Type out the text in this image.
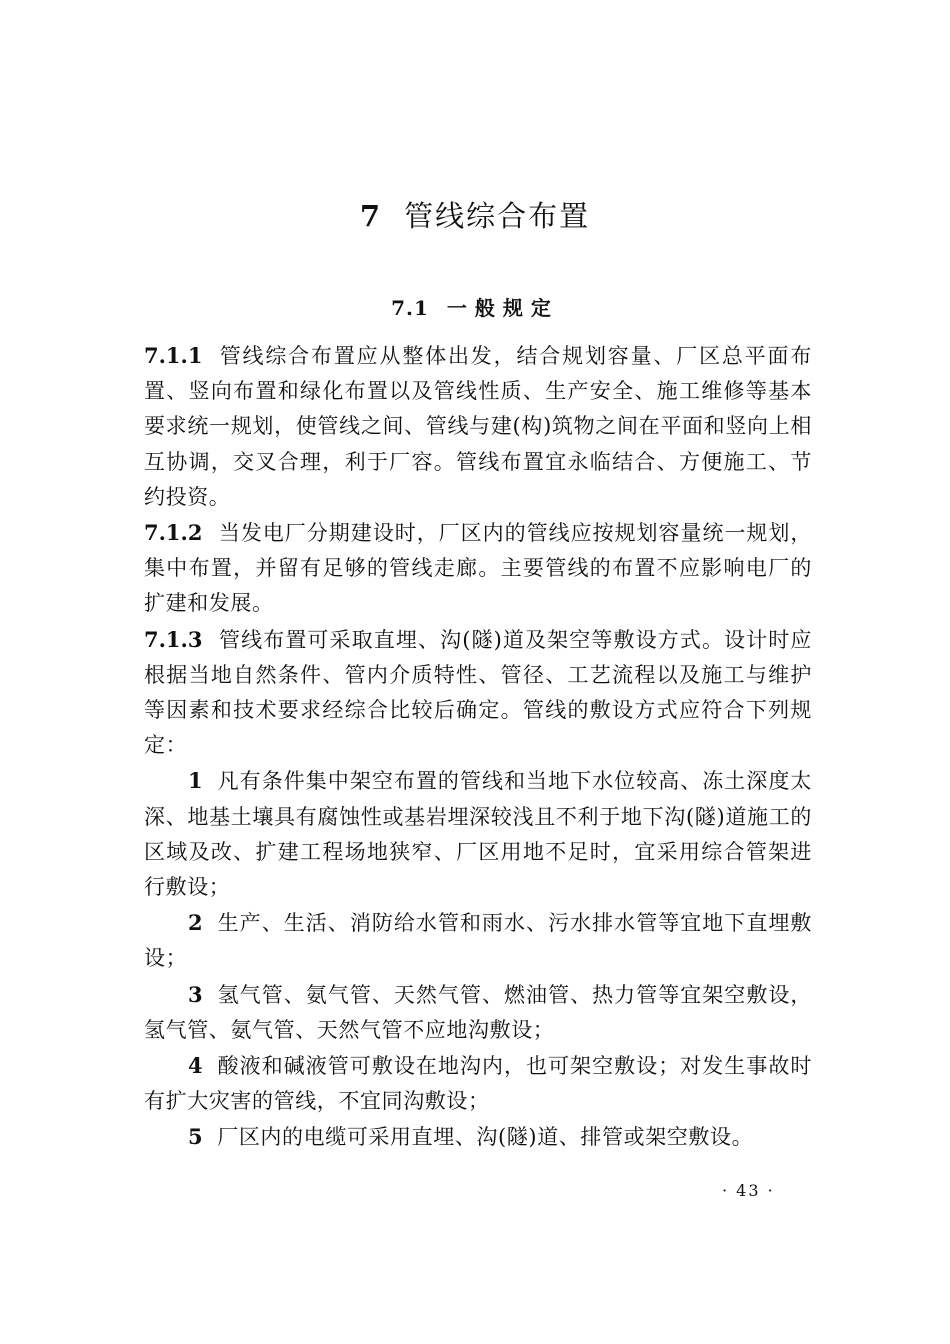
7 管线综合布置
7.1 一般规定

7.1.1 管线综合布置应从整体出发，结合规划容量、厂区总平面布置、竖向布置和绿化布置以及管线性质、生产安全、施工维修等基本要求统一规划，使管线之间、管线与建(构)筑物之间在平面和竖向上相互协调，交叉合理，利于厂容。管线布置宜永临结合、方便施工、节约投资。

7.1.2 当发电厂分期建设时，厂区内的管线应按规划容量统一规划，集中布置，并留有足够的管线走廊。主要管线的布置不应影响电厂的扩建和发展。

7.1.3 管线布置可采取直埋、沟(隧)道及架空等敷设方式。设计时应根据当地自然条件、管内介质特性、管径、工艺流程以及施工与维护等因素和技术要求经综合比较后确定。管线的敷设方式应符合下列规定：

1 凡有条件集中架空布置的管线和当地下水位较高、冻土深度太深、地基土壤具有腐蚀性或基岩埋深较浅且不利于地下沟(隧)道施工的区域及改、扩建工程场地狭窄、厂区用地不足时，宜采用综合管架进行敷设；

2 生产、生活、消防给水管和雨水、污水排水管等宜地下直埋敷设；

3 氢气管、氨气管、天然气管、燃油管、热力管等宜架空敷设，氢气管、氨气管、天然气管不应地沟敷设；

4 酸液和碱液管可敷设在地沟内，也可架空敷设；对发生事故时有扩大灾害的管线，不宜同沟敷设；

5 厂区内的电缆可采用直埋、沟(隧)道、排管或架空敷设。

· 43 ·
